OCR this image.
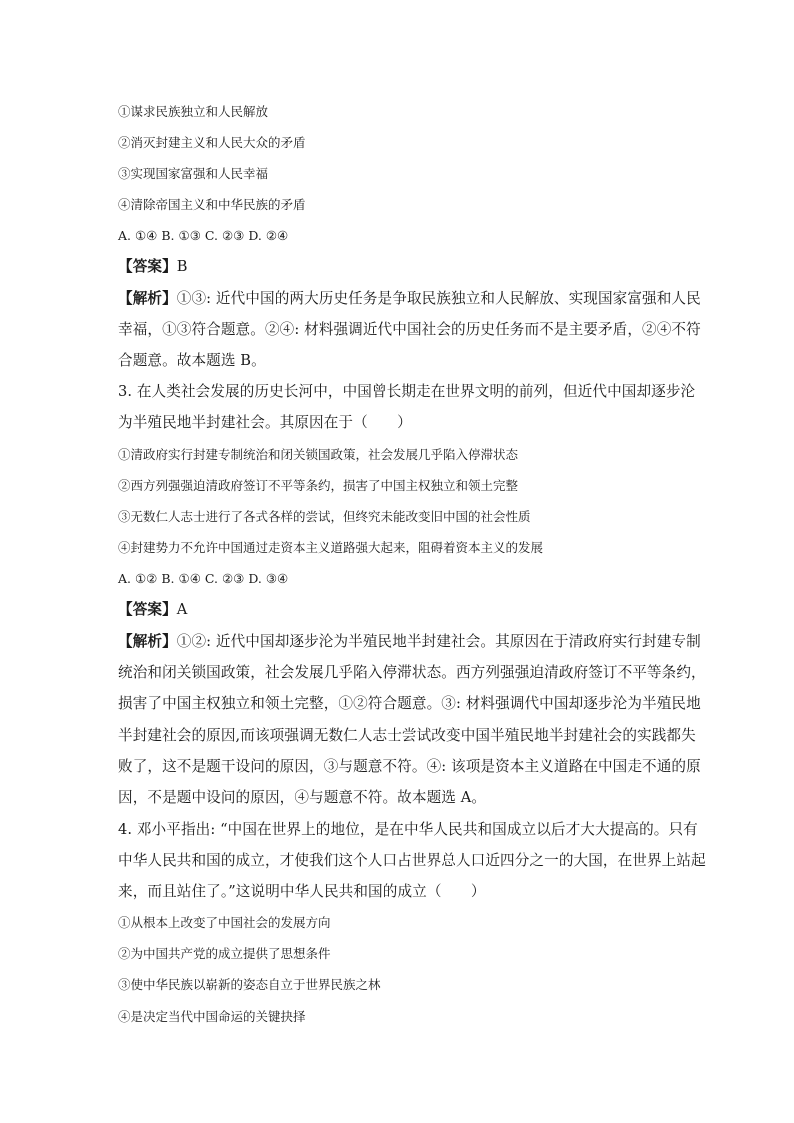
①谋求民族独立和人民解放
②消灭封建主义和人民大众的矛盾
③实现国家富强和人民幸福
④清除帝国主义和中华民族的矛盾
A. ①④ B. ①③ C. ②③ D. ②④
【答案】B
【解析】①③: 近代中国的两大历史任务是争取民族独立和人民解放、实现国家富强和人民
幸福，①③符合题意。②④: 材料强调近代中国社会的历史任务而不是主要矛盾，②④不符
合题意。故本题选 B。
3. 在人类社会发展的历史长河中，中国曾长期走在世界文明的前列，但近代中国却逐步沦
为半殖民地半封建社会。其原因在于（　　）
①清政府实行封建专制统治和闭关锁国政策，社会发展几乎陷入停滞状态
②西方列强强迫清政府签订不平等条约，损害了中国主权独立和领土完整
③无数仁人志士进行了各式各样的尝试，但终究未能改变旧中国的社会性质
④封建势力不允许中国通过走资本主义道路强大起来，阻碍着资本主义的发展
A. ①② B. ①④ C. ②③ D. ③④
【答案】A
【解析】①②: 近代中国却逐步沦为半殖民地半封建社会。其原因在于清政府实行封建专制
统治和闭关锁国政策，社会发展几乎陷入停滞状态。西方列强强迫清政府签订不平等条约，
损害了中国主权独立和领土完整，①②符合题意。③: 材料强调代中国却逐步沦为半殖民地
半封建社会的原因,而该项强调无数仁人志士尝试改变中国半殖民地半封建社会的实践都失
败了，这不是题干设问的原因，③与题意不符。④: 该项是资本主义道路在中国走不通的原
因，不是题中设问的原因，④与题意不符。故本题选 A。
4. 邓小平指出: “中国在世界上的地位，是在中华人民共和国成立以后才大大提高的。只有
中华人民共和国的成立，才使我们这个人口占世界总人口近四分之一的大国，在世界上站起
来，而且站住了。”这说明中华人民共和国的成立（　　）
①从根本上改变了中国社会的发展方向
②为中国共产党的成立提供了思想条件
③使中华民族以崭新的姿态自立于世界民族之林
④是决定当代中国命运的关键抉择
